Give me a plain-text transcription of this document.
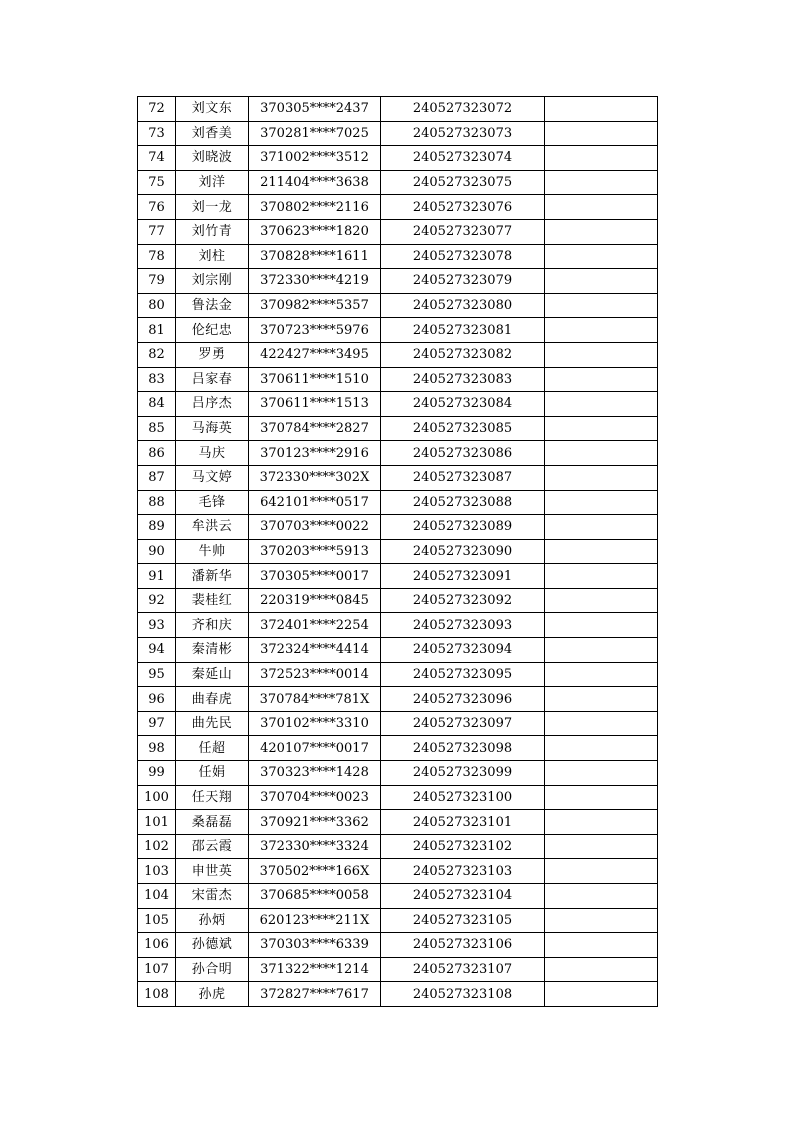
72	刘文东	370305****2437	240527323072	
73	刘香美	370281****7025	240527323073	
74	刘晓波	371002****3512	240527323074	
75	刘洋	211404****3638	240527323075	
76	刘一龙	370802****2116	240527323076	
77	刘竹青	370623****1820	240527323077	
78	刘柱	370828****1611	240527323078	
79	刘宗刚	372330****4219	240527323079	
80	鲁法金	370982****5357	240527323080	
81	伦纪忠	370723****5976	240527323081	
82	罗勇	422427****3495	240527323082	
83	吕家春	370611****1510	240527323083	
84	吕序杰	370611****1513	240527323084	
85	马海英	370784****2827	240527323085	
86	马庆	370123****2916	240527323086	
87	马文婷	372330****302X	240527323087	
88	毛锋	642101****0517	240527323088	
89	牟洪云	370703****0022	240527323089	
90	牛帅	370203****5913	240527323090	
91	潘新华	370305****0017	240527323091	
92	裴桂红	220319****0845	240527323092	
93	齐和庆	372401****2254	240527323093	
94	秦清彬	372324****4414	240527323094	
95	秦延山	372523****0014	240527323095	
96	曲春虎	370784****781X	240527323096	
97	曲先民	370102****3310	240527323097	
98	任超	420107****0017	240527323098	
99	任娟	370323****1428	240527323099	
100	任天翔	370704****0023	240527323100	
101	桑磊磊	370921****3362	240527323101	
102	邵云霞	372330****3324	240527323102	
103	申世英	370502****166X	240527323103	
104	宋雷杰	370685****0058	240527323104	
105	孙炳	620123****211X	240527323105	
106	孙德斌	370303****6339	240527323106	
107	孙合明	371322****1214	240527323107	
108	孙虎	372827****7617	240527323108	
